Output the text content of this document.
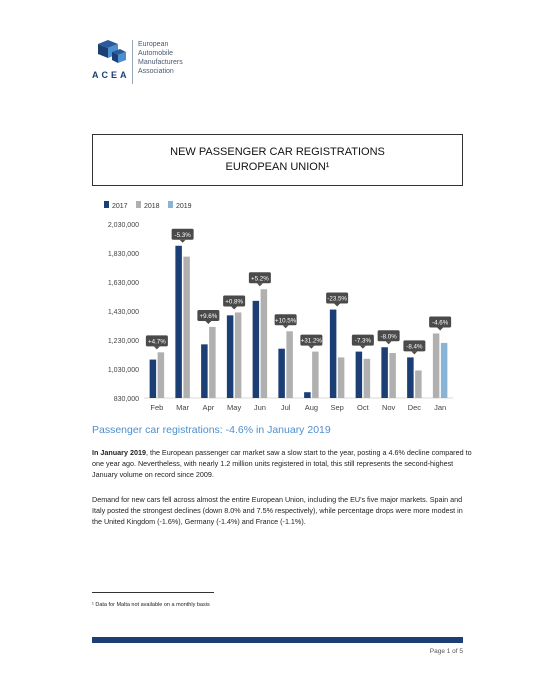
ACEA
European
Automobile
Manufacturers
Association
NEW PASSENGER CAR REGISTRATIONS
EUROPEAN UNION¹
2017 2018 2019
2,030,000
1,830,000
1,630,000
1,430,000
1,230,000
1,030,000
830,000
Feb
+4.7%
Mar
-5.3%
Apr
+9.6%
May
+0.8%
Jun
+5.2%
Jul
+10.5%
Aug
+31.2%
Sep
-23.5%
Oct
-7.3%
Nov
-8.0%
Dec
-8.4%
Jan
-4.6%
Passenger car registrations: -4.6% in January 2019

In January 2019, the European passenger car market saw a slow start to the year, posting a 4.6% decline compared to one year ago. Nevertheless, with nearly 1.2 million units registered in total, this still represents the second-highest January volume on record since 2009.

Demand for new cars fell across almost the entire European Union, including the EU's five major markets. Spain and Italy posted the strongest declines (down 8.0% and 7.5% respectively), while percentage drops were more modest in the United Kingdom (-1.6%), Germany (-1.4%) and France (-1.1%).

¹ Data for Malta not available on a monthly basis
Page 1 of 5
